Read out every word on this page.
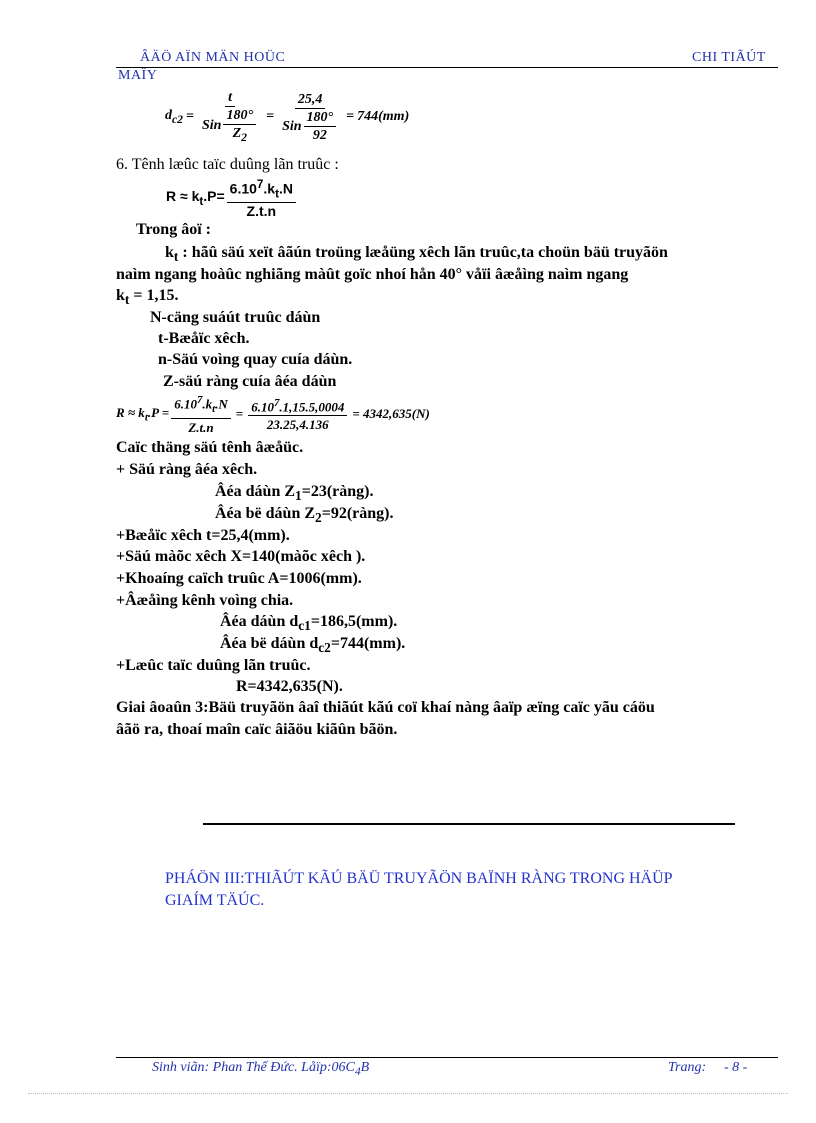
ÂÄÖ AÏN MÄN HOÜC	CHI TIÃÚT
MAÏY
$d_{c2} = \frac{t}{Sin \frac{180^\circ}{Z_2}} = \frac{25,4}{Sin \frac{180^\circ}{92}} = 744(mm)$
6. Tênh læûc taïc duûng lãn truûc :
$R \approx k_t.P= \frac{6.10^7.k_t.N}{Z.t.n}$
Trong âoï :
$k_t$ : hãû säú xeït âãún troüng læåüng xêch lãn truûc,ta choün bäü truyãön
naìm ngang hoàûc nghiãng màût goïc nhoí hån 40° våïi âæåìng naìm ngang
$k_t = 1,15$.
N-cäng suáút truûc dáùn
t-Bæåïc xêch.
n-Säú voìng quay cuía dáùn.
Z-säú ràng cuía âéa dáùn
$R \approx k_t.P = \frac{6.10^7.k_t.N}{Z.t.n} = \frac{6.10^7.1,15.5,0004}{23.25,4.136} = 4342,635(N)$
Caïc thäng säú tênh âæåüc.
+ Säú ràng âéa xêch.
Âéa dáùn $Z_1=23(ràng)$.
Âéa bë dáùn $Z_2=92(ràng)$.
+Bæåïc xêch t=25,4(mm).
+Säú màõc xêch X=140(màõc xêch ).
+Khoaíng caïch truûc A=1006(mm).
+Âæåìng kênh voìng chia.
Âéa dáùn $d_{c1}=186,5(mm)$.
Âéa bë dáùn $d_{c2}=744(mm)$.
+Læûc taïc duûng lãn truûc.
R=4342,635(N).
Giai âoaûn 3:Bäü truyãön âaî thiãút kãú coï khaí nàng âaïp æïng caïc yãu cáöu
âãö ra, thoaí maîn caïc âiãöu kiãûn bãön.
PHÁÖN III:THIÃÚT KÃÚ BÄÜ TRUYÃÖN BAÏNH RÀNG TRONG HÄÜP
GIAÍM TÄÚC.
Sinh viãn: Phan Thế Đức. $Låïp:06C_4B$	Trang: - 8 -
